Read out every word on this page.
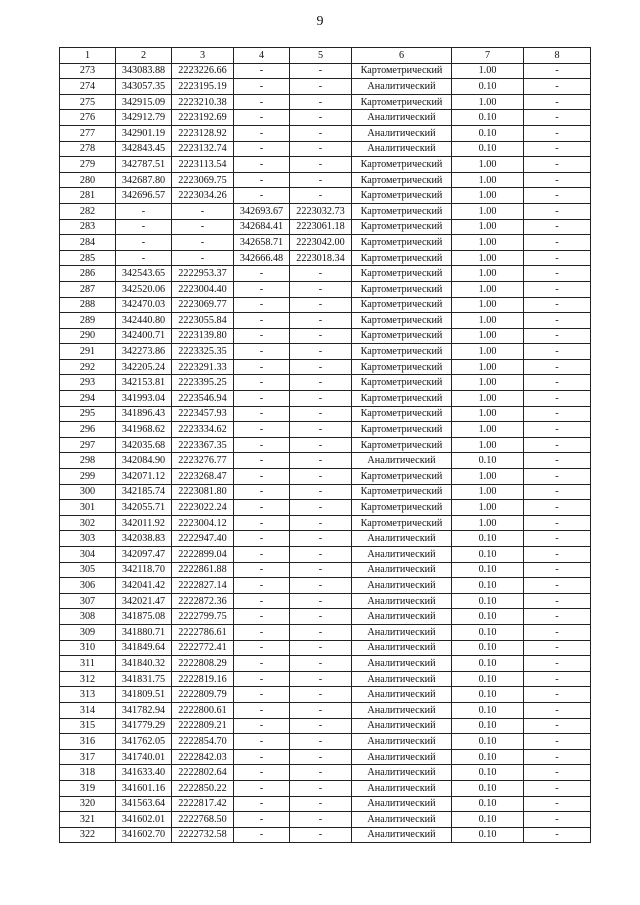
9
1	2	3	4	5	6	7	8
273	343083.88	2223226.66	-	-	Картометрический	1.00	-
274	343057.35	2223195.19	-	-	Аналитический	0.10	-
275	342915.09	2223210.38	-	-	Картометрический	1.00	-
276	342912.79	2223192.69	-	-	Аналитический	0.10	-
277	342901.19	2223128.92	-	-	Аналитический	0.10	-
278	342843.45	2223132.74	-	-	Аналитический	0.10	-
279	342787.51	2223113.54	-	-	Картометрический	1.00	-
280	342687.80	2223069.75	-	-	Картометрический	1.00	-
281	342696.57	2223034.26	-	-	Картометрический	1.00	-
282	-	-	342693.67	2223032.73	Картометрический	1.00	-
283	-	-	342684.41	2223061.18	Картометрический	1.00	-
284	-	-	342658.71	2223042.00	Картометрический	1.00	-
285	-	-	342666.48	2223018.34	Картометрический	1.00	-
286	342543.65	2222953.37	-	-	Картометрический	1.00	-
287	342520.06	2223004.40	-	-	Картометрический	1.00	-
288	342470.03	2223069.77	-	-	Картометрический	1.00	-
289	342440.80	2223055.84	-	-	Картометрический	1.00	-
290	342400.71	2223139.80	-	-	Картометрический	1.00	-
291	342273.86	2223325.35	-	-	Картометрический	1.00	-
292	342205.24	2223291.33	-	-	Картометрический	1.00	-
293	342153.81	2223395.25	-	-	Картометрический	1.00	-
294	341993.04	2223546.94	-	-	Картометрический	1.00	-
295	341896.43	2223457.93	-	-	Картометрический	1.00	-
296	341968.62	2223334.62	-	-	Картометрический	1.00	-
297	342035.68	2223367.35	-	-	Картометрический	1.00	-
298	342084.90	2223276.77	-	-	Аналитический	0.10	-
299	342071.12	2223268.47	-	-	Картометрический	1.00	-
300	342185.74	2223081.80	-	-	Картометрический	1.00	-
301	342055.71	2223022.24	-	-	Картометрический	1.00	-
302	342011.92	2223004.12	-	-	Картометрический	1.00	-
303	342038.83	2222947.40	-	-	Аналитический	0.10	-
304	342097.47	2222899.04	-	-	Аналитический	0.10	-
305	342118.70	2222861.88	-	-	Аналитический	0.10	-
306	342041.42	2222827.14	-	-	Аналитический	0.10	-
307	342021.47	2222872.36	-	-	Аналитический	0.10	-
308	341875.08	2222799.75	-	-	Аналитический	0.10	-
309	341880.71	2222786.61	-	-	Аналитический	0.10	-
310	341849.64	2222772.41	-	-	Аналитический	0.10	-
311	341840.32	2222808.29	-	-	Аналитический	0.10	-
312	341831.75	2222819.16	-	-	Аналитический	0.10	-
313	341809.51	2222809.79	-	-	Аналитический	0.10	-
314	341782.94	2222800.61	-	-	Аналитический	0.10	-
315	341779.29	2222809.21	-	-	Аналитический	0.10	-
316	341762.05	2222854.70	-	-	Аналитический	0.10	-
317	341740.01	2222842.03	-	-	Аналитический	0.10	-
318	341633.40	2222802.64	-	-	Аналитический	0.10	-
319	341601.16	2222850.22	-	-	Аналитический	0.10	-
320	341563.64	2222817.42	-	-	Аналитический	0.10	-
321	341602.01	2222768.50	-	-	Аналитический	0.10	-
322	341602.70	2222732.58	-	-	Аналитический	0.10	-
